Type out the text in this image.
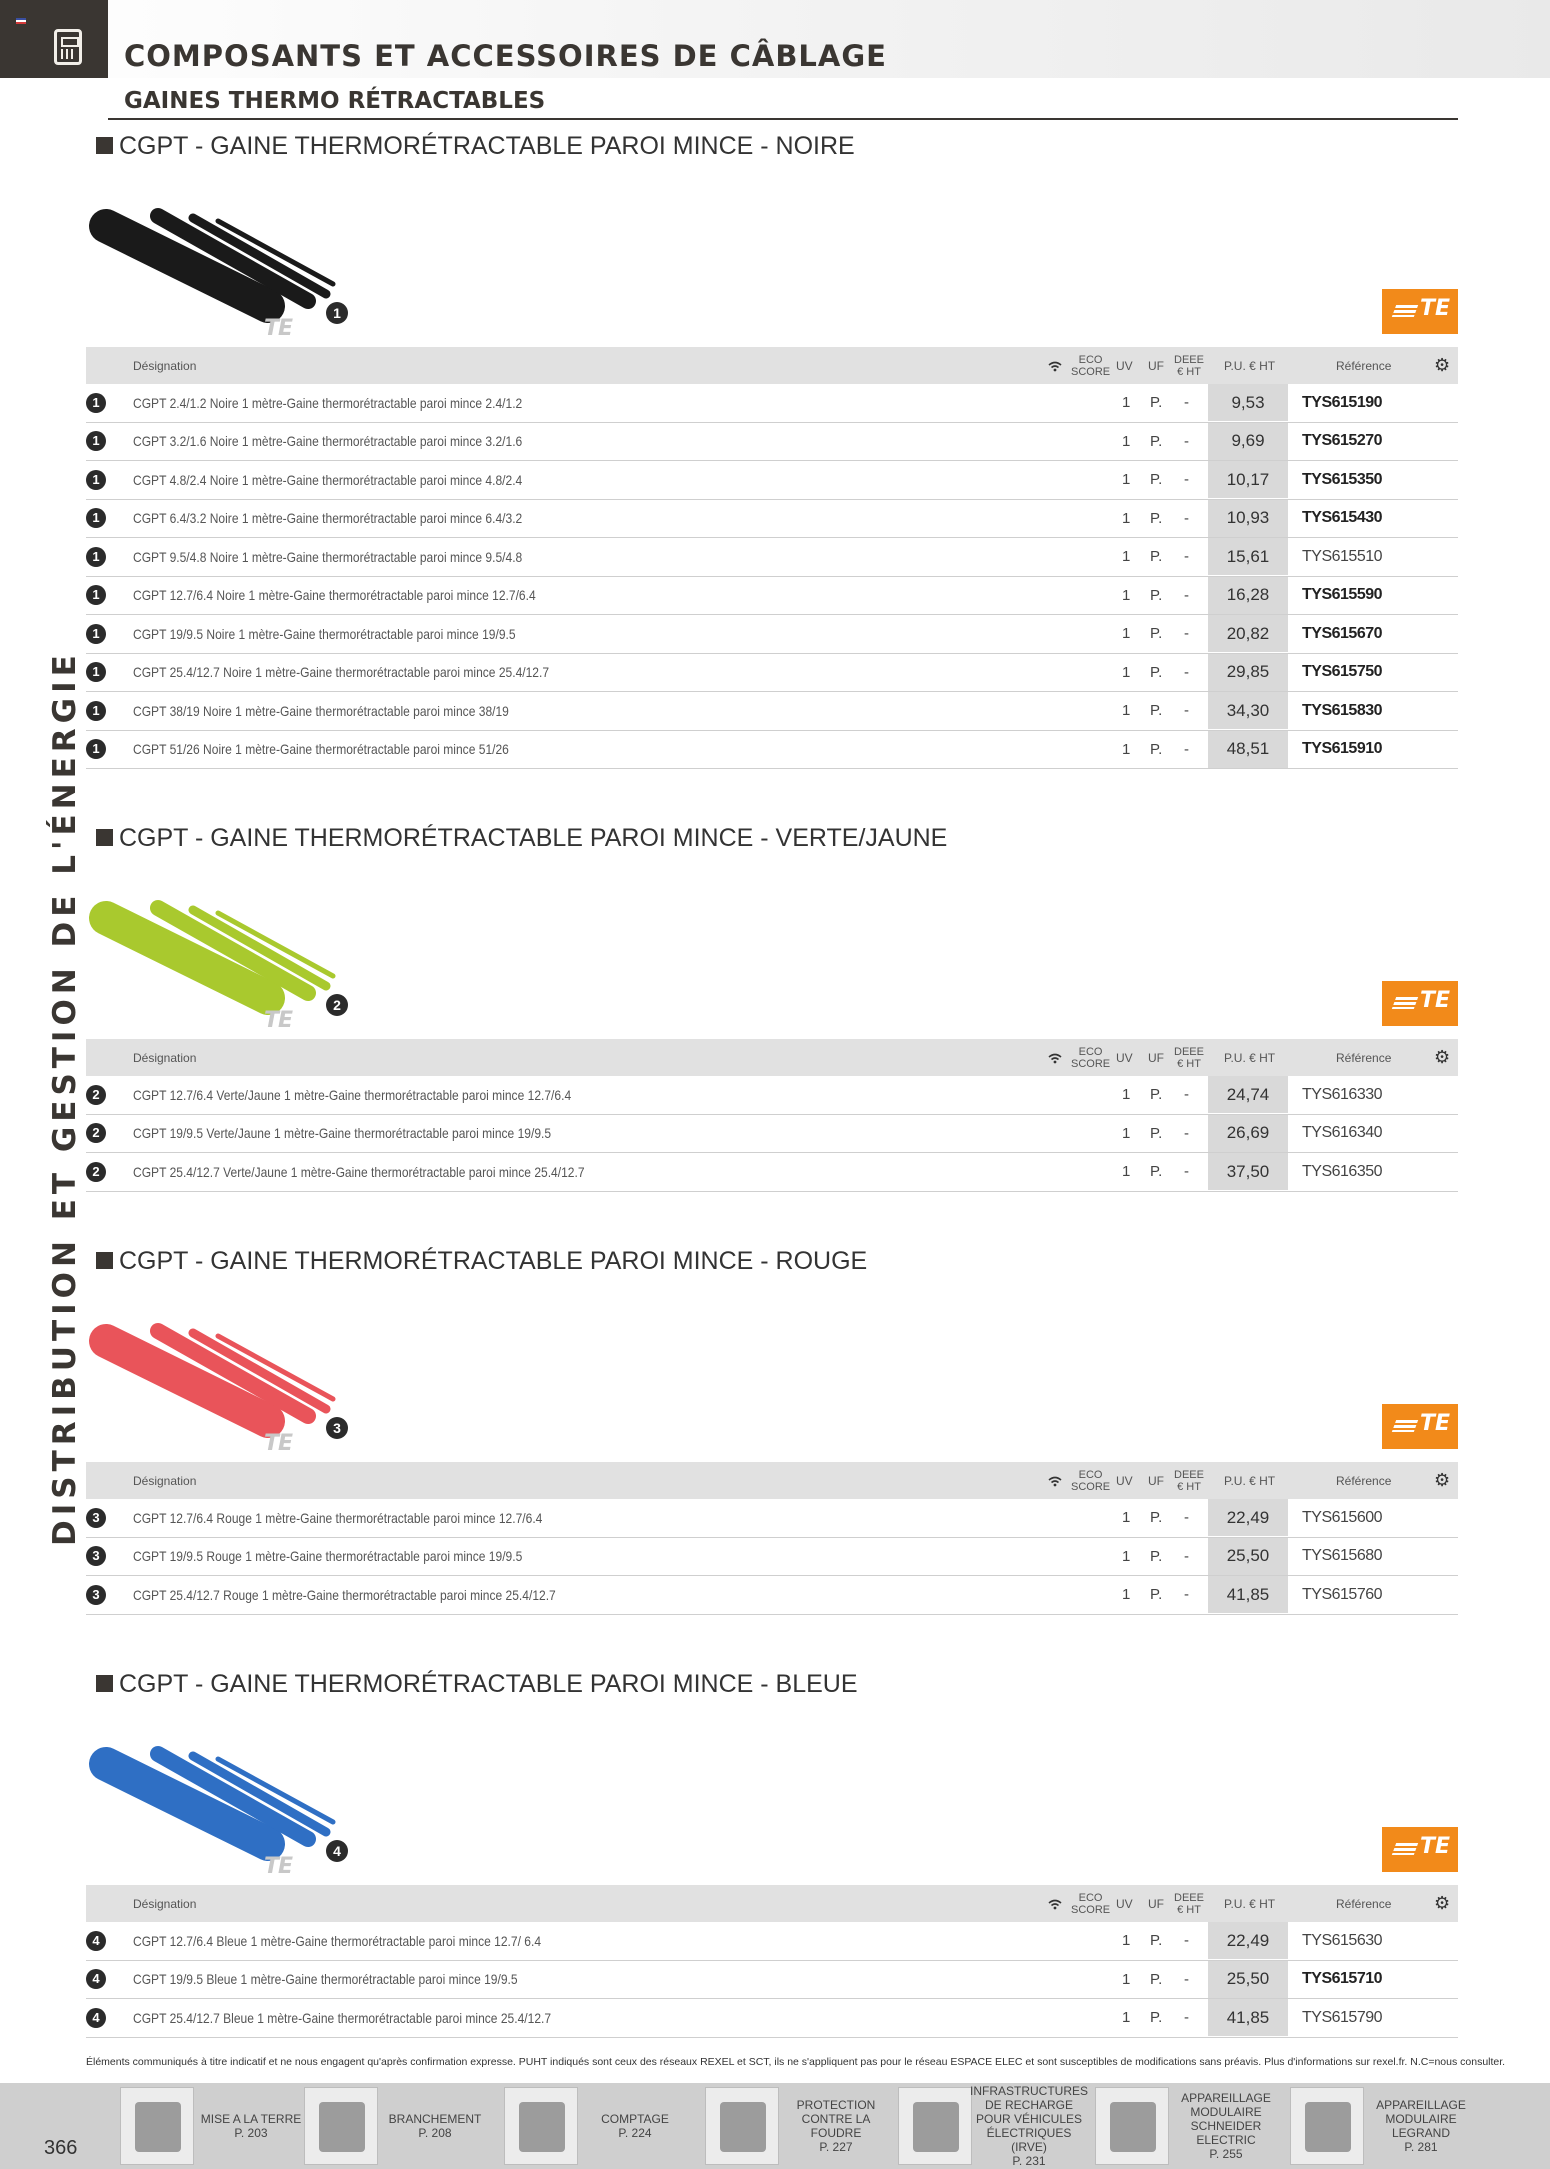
COMPOSANTS ET ACCESSOIRES DE CÂBLAGE
GAINES THERMO RÉTRACTABLES
DISTRIBUTION ET GESTION DE L'ÉNERGIE
CGPT - GAINE THERMORÉTRACTABLE PAROI MINCE - NOIRE
TE
1	TE
Désignation	ECO SCORE UV UF DEEE € HT P.U. € HT	Référence ⚙
1	CGPT 2.4/1.2 Noire 1 mètre-Gaine thermorétractable paroi mince 2.4/1.2	1 P. -	9,53	TYS615190
1	CGPT 3.2/1.6 Noire 1 mètre-Gaine thermorétractable paroi mince 3.2/1.6	1 P. -	9,69	TYS615270
1	CGPT 4.8/2.4 Noire 1 mètre-Gaine thermorétractable paroi mince 4.8/2.4	1 P. -	10,17	TYS615350
1	CGPT 6.4/3.2 Noire 1 mètre-Gaine thermorétractable paroi mince 6.4/3.2	1 P. -	10,93	TYS615430
1	CGPT 9.5/4.8 Noire 1 mètre-Gaine thermorétractable paroi mince 9.5/4.8	1 P. -	15,61	TYS615510
1	CGPT 12.7/6.4 Noire 1 mètre-Gaine thermorétractable paroi mince 12.7/6.4	1 P. -	16,28	TYS615590
1	CGPT 19/9.5 Noire 1 mètre-Gaine thermorétractable paroi mince 19/9.5	1 P. -	20,82	TYS615670
1	CGPT 25.4/12.7 Noire 1 mètre-Gaine thermorétractable paroi mince 25.4/12.7	1 P. -	29,85	TYS615750
1	CGPT 38/19 Noire 1 mètre-Gaine thermorétractable paroi mince 38/19	1 P. -	34,30	TYS615830
1	CGPT 51/26 Noire 1 mètre-Gaine thermorétractable paroi mince 51/26	1 P. -	48,51	TYS615910
CGPT - GAINE THERMORÉTRACTABLE PAROI MINCE - VERTE/JAUNE
TE
2	TE
Désignation	ECO SCORE UV UF DEEE € HT P.U. € HT	Référence ⚙
2	CGPT 12.7/6.4 Verte/Jaune 1 mètre-Gaine thermorétractable paroi mince 12.7/6.4	1 P. -	24,74	TYS616330
2	CGPT 19/9.5 Verte/Jaune 1 mètre-Gaine thermorétractable paroi mince 19/9.5	1 P. -	26,69	TYS616340
2	CGPT 25.4/12.7 Verte/Jaune 1 mètre-Gaine thermorétractable paroi mince 25.4/12.7	1 P. -	37,50	TYS616350
CGPT - GAINE THERMORÉTRACTABLE PAROI MINCE - ROUGE
TE
3	TE
Désignation	ECO SCORE UV UF DEEE € HT P.U. € HT	Référence ⚙
3	CGPT 12.7/6.4 Rouge 1 mètre-Gaine thermorétractable paroi mince 12.7/6.4	1 P. -	22,49	TYS615600
3	CGPT 19/9.5 Rouge 1 mètre-Gaine thermorétractable paroi mince 19/9.5	1 P. -	25,50	TYS615680
3	CGPT 25.4/12.7 Rouge 1 mètre-Gaine thermorétractable paroi mince 25.4/12.7	1 P. -	41,85	TYS615760
CGPT - GAINE THERMORÉTRACTABLE PAROI MINCE - BLEUE
TE
4	TE
Désignation	ECO SCORE UV UF DEEE € HT P.U. € HT	Référence ⚙
4	CGPT 12.7/6.4 Bleue 1 mètre-Gaine thermorétractable paroi mince 12.7/ 6.4	1 P. -	22,49	TYS615630
4	CGPT 19/9.5 Bleue 1 mètre-Gaine thermorétractable paroi mince 19/9.5	1 P. -	25,50	TYS615710
4	CGPT 25.4/12.7 Bleue 1 mètre-Gaine thermorétractable paroi mince 25.4/12.7	1 P. -	41,85	TYS615790
Éléments communiqués à titre indicatif et ne nous engagent qu'après confirmation expresse. PUHT indiqués sont ceux des réseaux REXEL et SCT, ils ne s'appliquent pas pour le réseau ESPACE ELEC et sont susceptibles de modifications sans préavis. Plus d'informations sur rexel.fr. N.C=nous consulter.
366
MISE A LA TERRE
P. 203
BRANCHEMENT
P. 208
COMPTAGE
P. 224
PROTECTION
CONTRE LA FOUDRE
P. 227
INFRASTRUCTURES
DE RECHARGE
POUR VÉHICULES
ÉLECTRIQUES (IRVE)
P. 231
APPAREILLAGE
MODULAIRE
SCHNEIDER
ELECTRIC
P. 255
APPAREILLAGE
MODULAIRE
LEGRAND
P. 281
